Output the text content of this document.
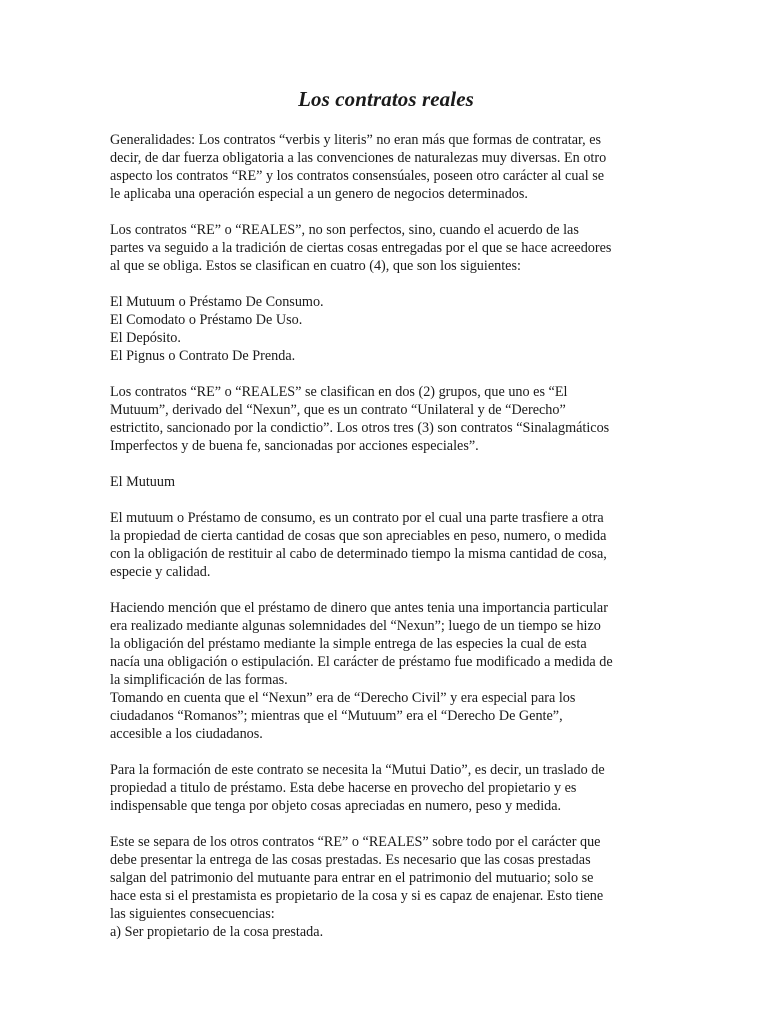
Los contratos reales
Generalidades: Los contratos “verbis y literis” no eran más que formas de contratar, es
decir, de dar fuerza obligatoria a las convenciones de naturalezas muy diversas. En otro
aspecto los contratos “RE” y los contratos consensúales, poseen otro carácter al cual se
le aplicaba una operación especial a un genero de negocios determinados.
Los contratos “RE” o “REALES”, no son perfectos, sino, cuando el acuerdo de las
partes va seguido a la tradición de ciertas cosas entregadas por el que se hace acreedores
al que se obliga. Estos se clasifican en cuatro (4), que son los siguientes:
El Mutuum o Préstamo De Consumo.
El Comodato o Préstamo De Uso.
El Depósito.
El Pignus o Contrato De Prenda.
Los contratos “RE” o “REALES” se clasifican en dos (2) grupos, que uno es “El
Mutuum”, derivado del “Nexun”, que es un contrato “Unilateral y de “Derecho”
estrictito, sancionado por la condictio”. Los otros tres (3) son contratos “Sinalagmáticos
Imperfectos y de buena fe, sancionadas por acciones especiales”.
El Mutuum
El mutuum o Préstamo de consumo, es un contrato por el cual una parte trasfiere a otra
la propiedad de cierta cantidad de cosas que son apreciables en peso, numero, o medida
con la obligación de restituir al cabo de determinado tiempo la misma cantidad de cosa,
especie y calidad.
Haciendo mención que el préstamo de dinero que antes tenia una importancia particular
era realizado mediante algunas solemnidades del “Nexun”; luego de un tiempo se hizo
la obligación del préstamo mediante la simple entrega de las especies la cual de esta
nacía una obligación o estipulación. El carácter de préstamo fue modificado a medida de
la simplificación de las formas.
Tomando en cuenta que el “Nexun” era de “Derecho Civil” y era especial para los
ciudadanos “Romanos”; mientras que el “Mutuum” era el “Derecho De Gente”,
accesible a los ciudadanos.
Para la formación de este contrato se necesita la “Mutui Datio”, es decir, un traslado de
propiedad a titulo de préstamo. Esta debe hacerse en provecho del propietario y es
indispensable que tenga por objeto cosas apreciadas en numero, peso y medida.
Este se separa de los otros contratos “RE” o “REALES” sobre todo por el carácter que
debe presentar la entrega de las cosas prestadas. Es necesario que las cosas prestadas
salgan del patrimonio del mutuante para entrar en el patrimonio del mutuario; solo se
hace esta si el prestamista es propietario de la cosa y si es capaz de enajenar. Esto tiene
las siguientes consecuencias:
a) Ser propietario de la cosa prestada.
